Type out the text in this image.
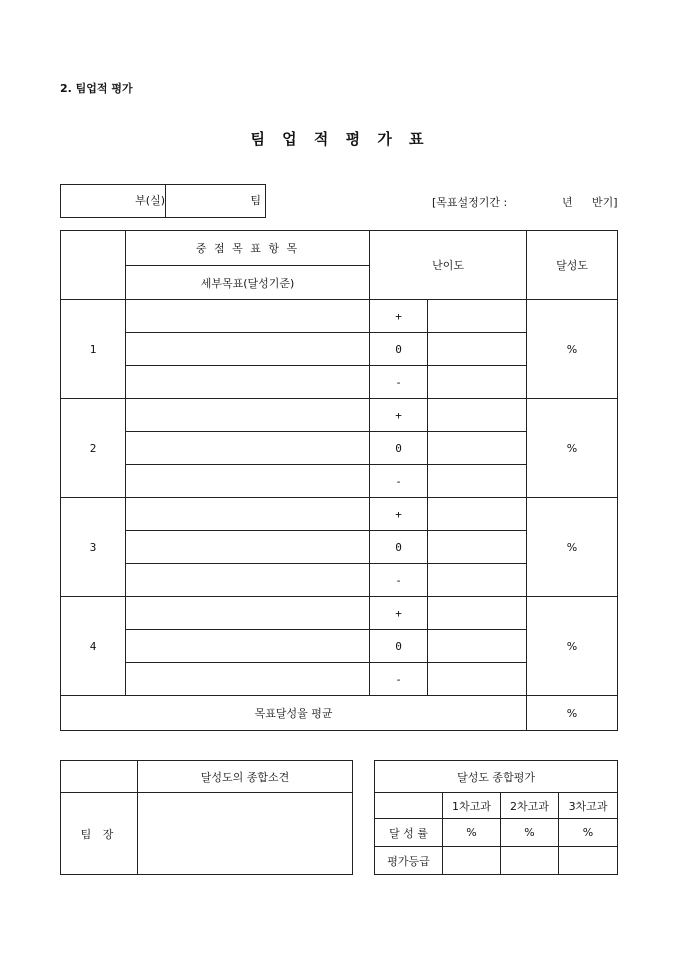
2. 팀업적 평가
팀 업 적 평 가 표
부(실)	팀	[목표설정기간 :	년 반기]
	중 점 목 표 항 목	난이도		달성도
	세부목표(달성기준)			
1		+		%
		0		
		-		
2		+		%
		0		
		-		
3		+		%
		0		
		-		
4		+		%
		0		
		-		
목표달성율 평균				%
	달성도의 종합소견
팀 장	
달성도 종합평가			
	1차고과	2차고과	3차고과
달 성 률	%	%	%
평가등급			
